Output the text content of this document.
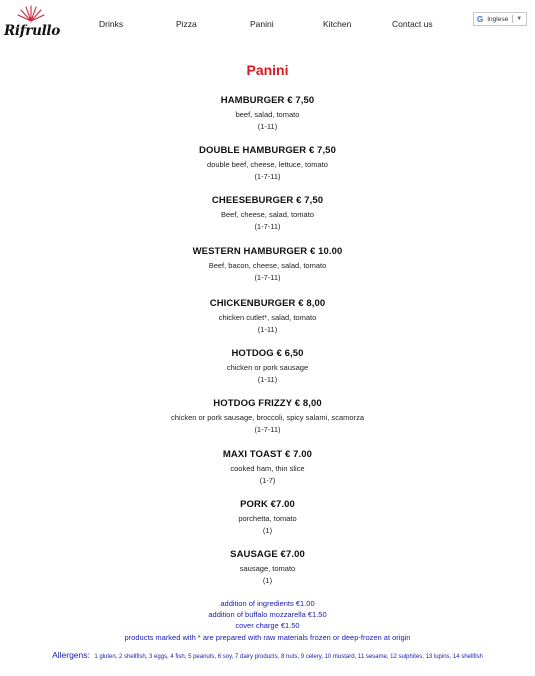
Rifrullo	Drinks	Pizza	Panini	Kitchen	Contact us	G Inglese ▼
Panini
HAMBURGER € 7,50
beef, salad, tomato
(1-11)
DOUBLE HAMBURGER € 7,50
double beef, cheese, lettuce, tomato
(1-7-11)
CHEESEBURGER € 7,50
Beef, cheese, salad, tomato
(1-7-11)
WESTERN HAMBURGER € 10.00
Beef, bacon, cheese, salad, tomato
(1-7-11)
CHICKENBURGER € 8,00
chicken cutlet*, salad, tomato
(1-11)
HOTDOG € 6,50
chicken or pork sausage
(1-11)
HOTDOG FRIZZY € 8,00
chicken or pork sausage, broccoli, spicy salami, scamorza
(1-7-11)
MAXI TOAST € 7.00
cooked ham, thin slice
(1-7)
PORK €7.00
porchetta, tomato
(1)
SAUSAGE €7.00
sausage, tomato
(1)
addition of ingredients €1.00
addition of buffalo mozzarella €1.50
cover charge €1.50
products marked with * are prepared with raw materials frozen or deep-frozen at origin
Allergens: 1 gluten, 2 shellfish, 3 eggs, 4 fish, 5 peanuts, 6 soy, 7 dairy products, 8 nuts, 9 celery, 10 mustard, 11 sesame, 12 sulphites, 13 lupins, 14 shellfish
